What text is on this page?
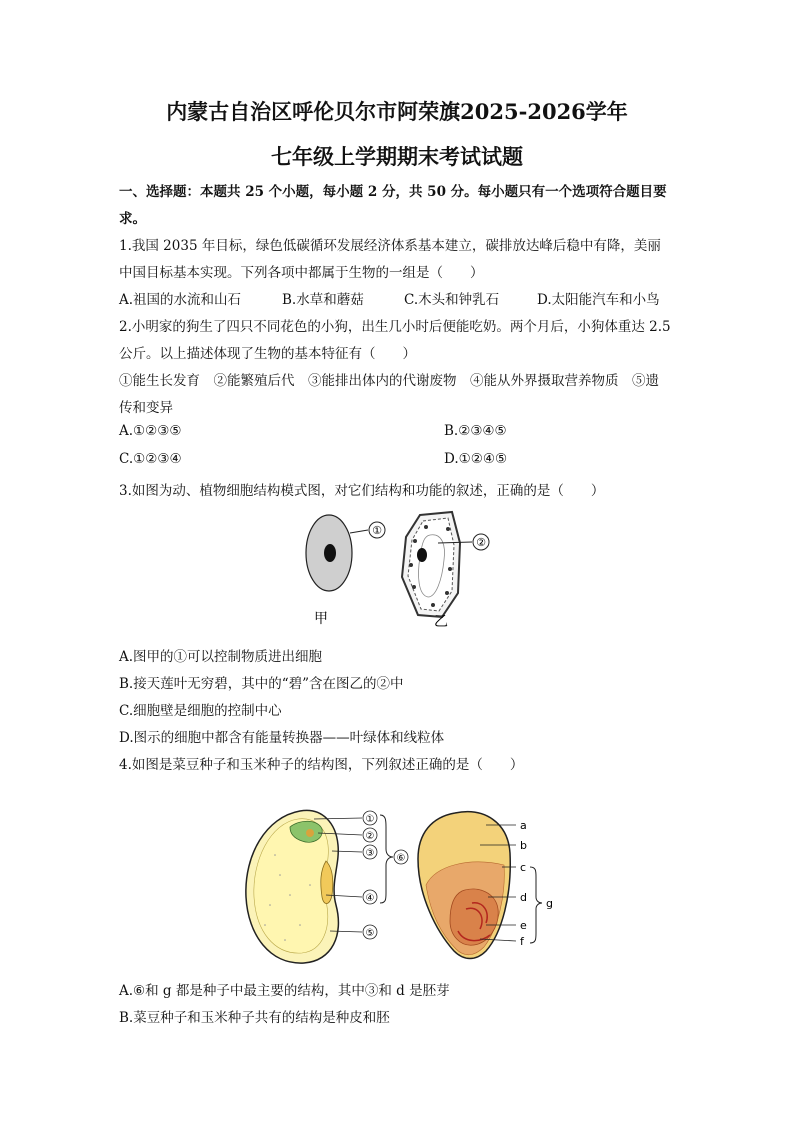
内蒙古自治区呼伦贝尔市阿荣旗2025-2026学年
七年级上学期期末考试试题
一、选择题：本题共 25 个小题，每小题 2 分，共 50 分。每小题只有一个选项符合题目要
求。
1.我国 2035 年目标，绿色低碳循环发展经济体系基本建立，碳排放达峰后稳中有降，美丽
中国目标基本实现。下列各项中都属于生物的一组是（　　）
A.祖国的水流和山石	B.水草和蘑菇	C.木头和钟乳石	D.太阳能汽车和小鸟
2.小明家的狗生了四只不同花色的小狗，出生几小时后便能吃奶。两个月后，小狗体重达 2.5
公斤。以上描述体现了生物的基本特征有（　　）
①能生长发育　②能繁殖后代　③能排出体内的代谢废物　④能从外界摄取营养物质　⑤遗
传和变异
A.①②③⑤	B.②③④⑤
C.①②③④	D.①②④⑤
3.如图为动、植物细胞结构模式图，对它们结构和功能的叙述，正确的是（　　）
①
甲
②
乙
A.图甲的①可以控制物质进出细胞
B.接天莲叶无穷碧，其中的“碧”含在图乙的②中
C.细胞壁是细胞的控制中心
D.图示的细胞中都含有能量转换器——叶绿体和线粒体
4.如图是菜豆种子和玉米种子的结构图，下列叙述正确的是（　　）
①
②
③
④
⑤
⑥
a
b
c
d
e
f
g
A.⑥和 g 都是种子中最主要的结构，其中③和 d 是胚芽
B.菜豆种子和玉米种子共有的结构是种皮和胚
